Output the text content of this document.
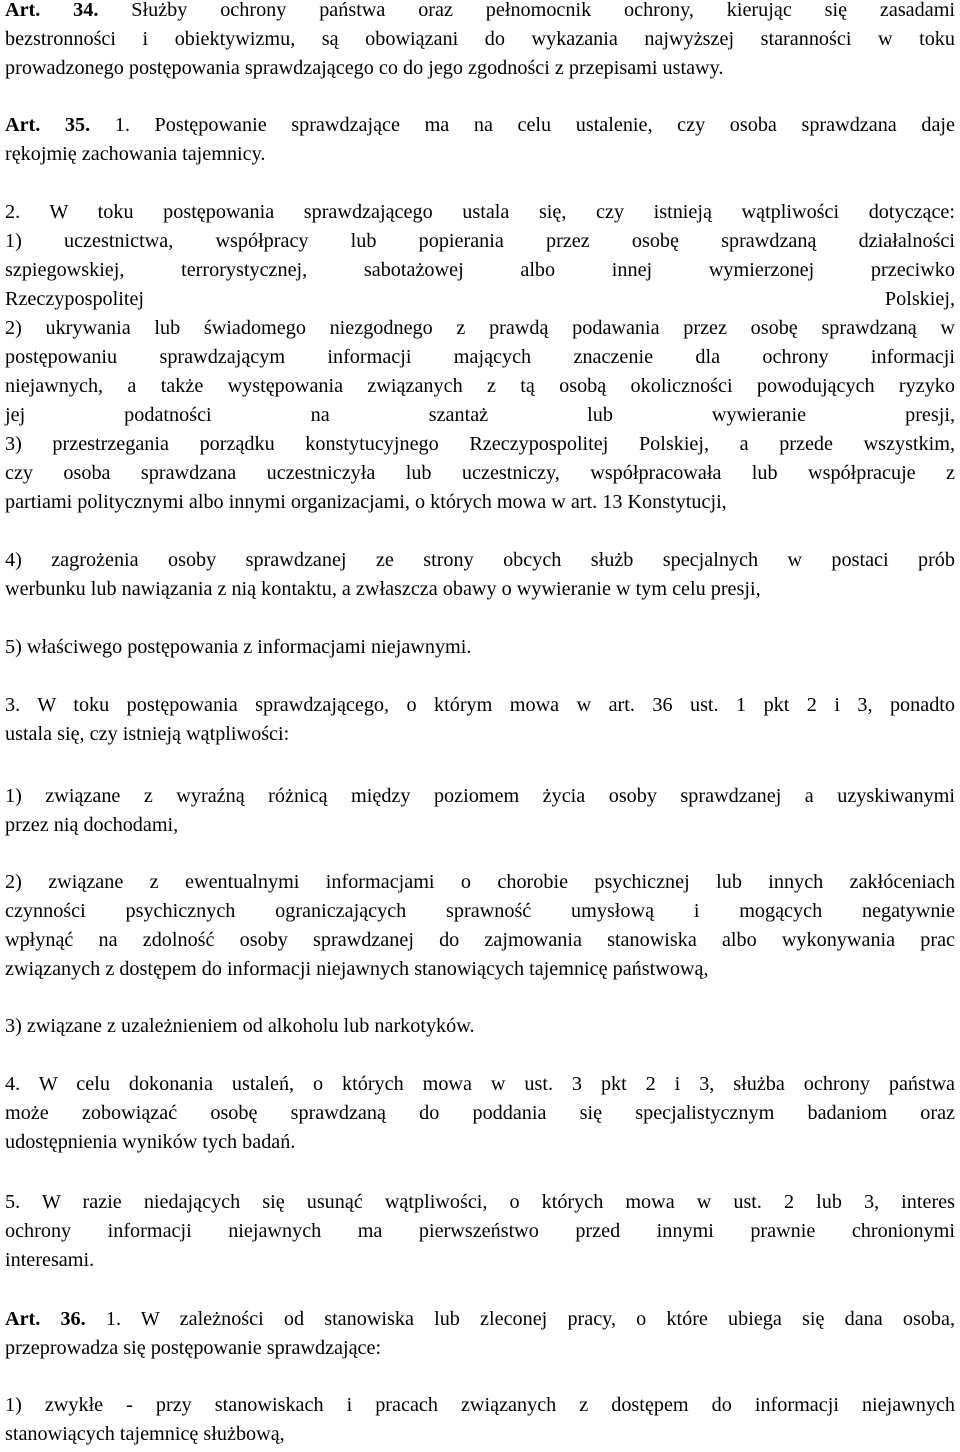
Art. 34. Służby ochrony państwa oraz pełnomocnik ochrony, kierując się zasadami
bezstronności i obiektywizmu, są obowiązani do wykazania najwyższej staranności w toku
prowadzonego postępowania sprawdzającego co do jego zgodności z przepisami ustawy.
Art. 35. 1. Postępowanie sprawdzające ma na celu ustalenie, czy osoba sprawdzana daje
rękojmię zachowania tajemnicy.
2. W toku postępowania sprawdzającego ustala się, czy istnieją wątpliwości dotyczące:
1) uczestnictwa, współpracy lub popierania przez osobę sprawdzaną działalności
szpiegowskiej, terrorystycznej, sabotażowej albo innej wymierzonej przeciwko
Rzeczypospolitej Polskiej,
2) ukrywania lub świadomego niezgodnego z prawdą podawania przez osobę sprawdzaną w
postępowaniu sprawdzającym informacji mających znaczenie dla ochrony informacji
niejawnych, a także występowania związanych z tą osobą okoliczności powodujących ryzyko
jej podatności na szantaż lub wywieranie presji,
3) przestrzegania porządku konstytucyjnego Rzeczypospolitej Polskiej, a przede wszystkim,
czy osoba sprawdzana uczestniczyła lub uczestniczy, współpracowała lub współpracuje z
partiami politycznymi albo innymi organizacjami, o których mowa w art. 13 Konstytucji,
4) zagrożenia osoby sprawdzanej ze strony obcych służb specjalnych w postaci prób
werbunku lub nawiązania z nią kontaktu, a zwłaszcza obawy o wywieranie w tym celu presji,
5) właściwego postępowania z informacjami niejawnymi.
3. W toku postępowania sprawdzającego, o którym mowa w art. 36 ust. 1 pkt 2 i 3, ponadto
ustala się, czy istnieją wątpliwości:
1) związane z wyraźną różnicą między poziomem życia osoby sprawdzanej a uzyskiwanymi
przez nią dochodami,
2) związane z ewentualnymi informacjami o chorobie psychicznej lub innych zakłóceniach
czynności psychicznych ograniczających sprawność umysłową i mogących negatywnie
wpłynąć na zdolność osoby sprawdzanej do zajmowania stanowiska albo wykonywania prac
związanych z dostępem do informacji niejawnych stanowiących tajemnicę państwową,
3) związane z uzależnieniem od alkoholu lub narkotyków.
4. W celu dokonania ustaleń, o których mowa w ust. 3 pkt 2 i 3, służba ochrony państwa
może zobowiązać osobę sprawdzaną do poddania się specjalistycznym badaniom oraz
udostępnienia wyników tych badań.
5. W razie niedających się usunąć wątpliwości, o których mowa w ust. 2 lub 3, interes
ochrony informacji niejawnych ma pierwszeństwo przed innymi prawnie chronionymi
interesami.
Art. 36. 1. W zależności od stanowiska lub zleconej pracy, o które ubiega się dana osoba,
przeprowadza się postępowanie sprawdzające:
1) zwykłe - przy stanowiskach i pracach związanych z dostępem do informacji niejawnych
stanowiących tajemnicę służbową,
